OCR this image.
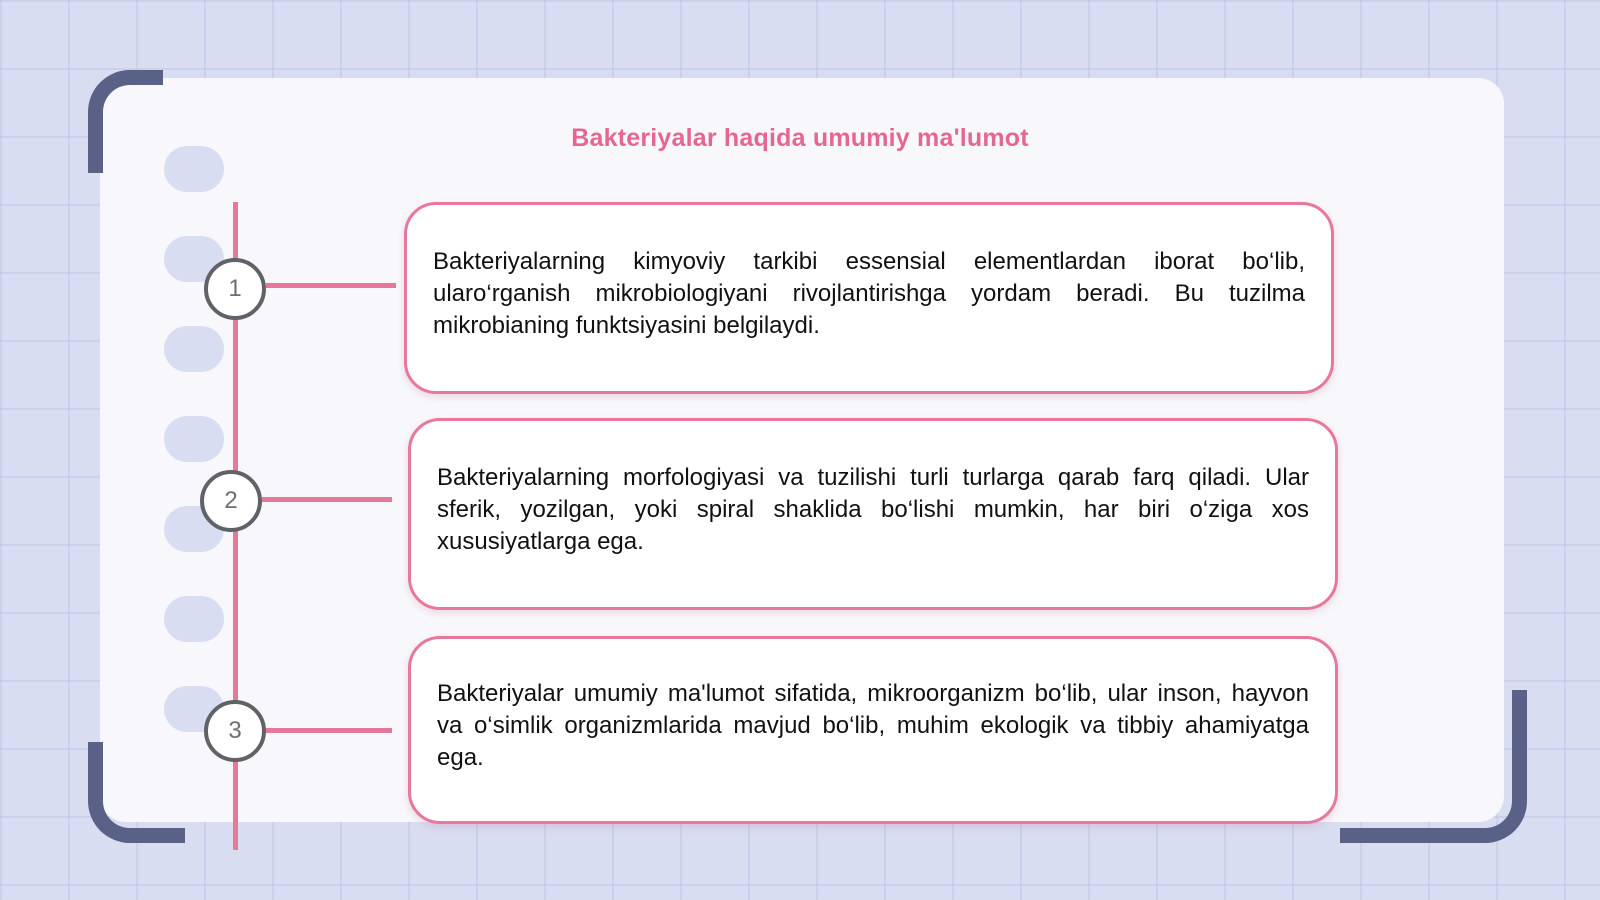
Bakteriyalar haqida umumiy ma'lumot
1
2
3
Bakteriyalarning kimyoviy tarkibi essensial elementlardan iborat bo‘lib, ularo‘rganish mikrobiologiyani rivojlantirishga yordam beradi. Bu tuzilma mikrobianing funktsiyasini belgilaydi.
Bakteriyalarning morfologiyasi va tuzilishi turli turlarga qarab farq qiladi. Ular sferik, yozilgan, yoki spiral shaklida bo‘lishi mumkin, har biri o‘ziga xos xususiyatlarga ega.
Bakteriyalar umumiy ma'lumot sifatida, mikroorganizm bo‘lib, ular inson, hayvon va o‘simlik organizmlarida mavjud bo‘lib, muhim ekologik va tibbiy ahamiyatga ega.
